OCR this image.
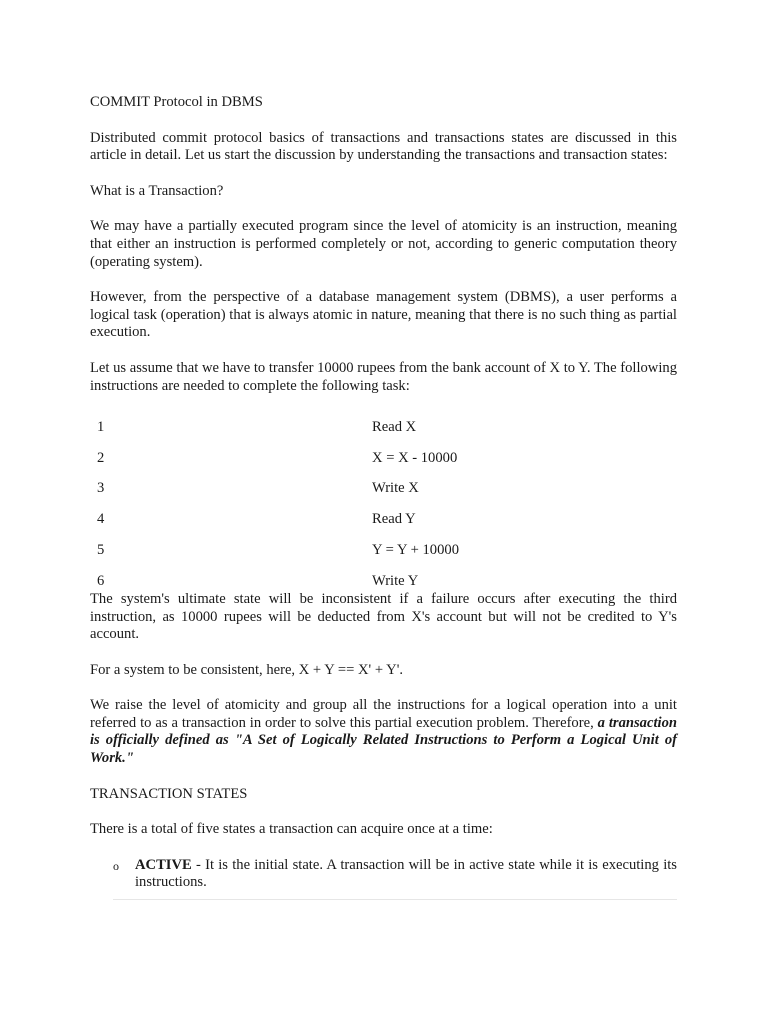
COMMIT Protocol in DBMS
Distributed commit protocol basics of transactions and transactions states are discussed in this article in detail. Let us start the discussion by understanding the transactions and transaction states:
What is a Transaction?
We may have a partially executed program since the level of atomicity is an instruction, meaning that either an instruction is performed completely or not, according to generic computation theory (operating system).
However, from the perspective of a database management system (DBMS), a user performs a logical task (operation) that is always atomic in nature, meaning that there is no such thing as partial execution.
Let us assume that we have to transfer 10000 rupees from the bank account of X to Y. The following instructions are needed to complete the following task:
1	Read X
2	X = X - 10000
3	Write X
4	Read Y
5	Y = Y + 10000
6	Write Y
The system's ultimate state will be inconsistent if a failure occurs after executing the third instruction, as 10000 rupees will be deducted from X's account but will not be credited to Y's account.
For a system to be consistent, here, X + Y == X' + Y'.
We raise the level of atomicity and group all the instructions for a logical operation into a unit referred to as a transaction in order to solve this partial execution problem. Therefore, a transaction is officially defined as "A Set of Logically Related Instructions to Perform a Logical Unit of Work."
TRANSACTION STATES
There is a total of five states a transaction can acquire once at a time:
o	ACTIVE - It is the initial state. A transaction will be in active state while it is executing its instructions.
